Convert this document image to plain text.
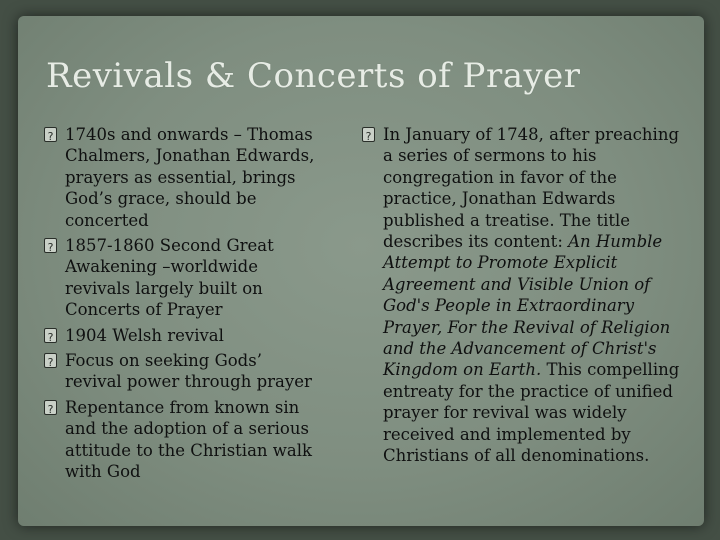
Revivals & Concerts of Prayer
?
1740s and onwards – Thomas Chalmers, Jonathan Edwards, prayers as essential, brings God’s grace, should be concerted
?
1857-1860 Second Great Awakening –worldwide revivals largely built on Concerts of Prayer
?
1904 Welsh revival
?
Focus on seeking Gods’ revival power through prayer
?
Repentance from known sin and the adoption of a serious attitude to the Christian walk with God
?
In January of 1748, after preaching a series of sermons to his congregation in favor of the practice, Jonathan Edwards published a treatise. The title describes its content: An Humble Attempt to Promote Explicit Agreement and Visible Union of God's People in Extraordinary Prayer, For the Revival of Religion and the Advancement of Christ's Kingdom on Earth. This compelling entreaty for the practice of unified prayer for revival was widely received and implemented by Christians of all denominations.
